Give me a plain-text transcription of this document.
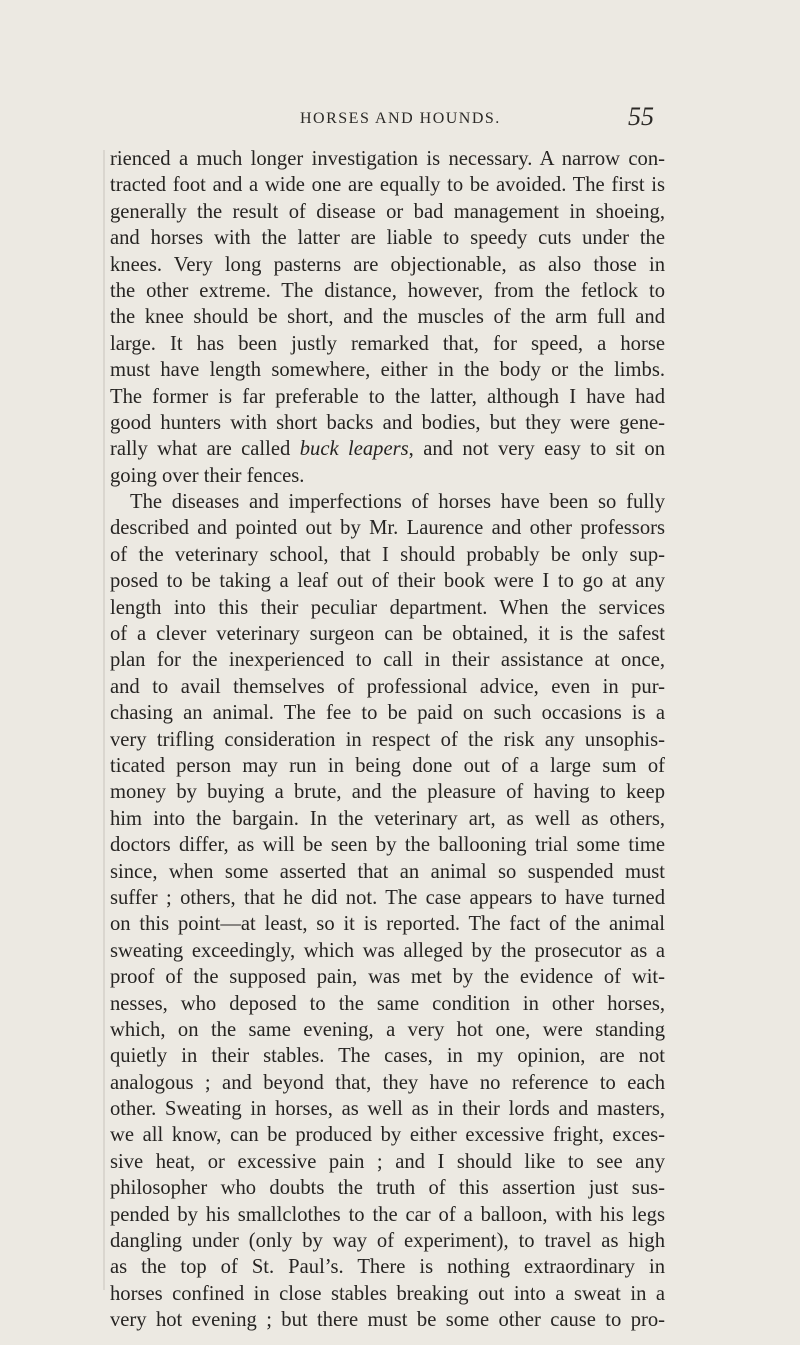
HORSES AND HOUNDS.	55
rienced a much longer investigation is necessary. A narrow con-
tracted foot and a wide one are equally to be avoided. The first is
generally the result of disease or bad management in shoeing,
and horses with the latter are liable to speedy cuts under the
knees. Very long pasterns are objectionable, as also those in
the other extreme. The distance, however, from the fetlock to
the knee should be short, and the muscles of the arm full and
large. It has been justly remarked that, for speed, a horse
must have length somewhere, either in the body or the limbs.
The former is far preferable to the latter, although I have had
good hunters with short backs and bodies, but they were gene-
rally what are called buck leapers, and not very easy to sit on
going over their fences.
The diseases and imperfections of horses have been so fully
described and pointed out by Mr. Laurence and other professors
of the veterinary school, that I should probably be only sup-
posed to be taking a leaf out of their book were I to go at any
length into this their peculiar department. When the services
of a clever veterinary surgeon can be obtained, it is the safest
plan for the inexperienced to call in their assistance at once,
and to avail themselves of professional advice, even in pur-
chasing an animal. The fee to be paid on such occasions is a
very trifling consideration in respect of the risk any unsophis-
ticated person may run in being done out of a large sum of
money by buying a brute, and the pleasure of having to keep
him into the bargain. In the veterinary art, as well as others,
doctors differ, as will be seen by the ballooning trial some time
since, when some asserted that an animal so suspended must
suffer ; others, that he did not. The case appears to have turned
on this point—at least, so it is reported. The fact of the animal
sweating exceedingly, which was alleged by the prosecutor as a
proof of the supposed pain, was met by the evidence of wit-
nesses, who deposed to the same condition in other horses,
which, on the same evening, a very hot one, were standing
quietly in their stables. The cases, in my opinion, are not
analogous ; and beyond that, they have no reference to each
other. Sweating in horses, as well as in their lords and masters,
we all know, can be produced by either excessive fright, exces-
sive heat, or excessive pain ; and I should like to see any
philosopher who doubts the truth of this assertion just sus-
pended by his smallclothes to the car of a balloon, with his legs
dangling under (only by way of experiment), to travel as high
as the top of St. Paul’s. There is nothing extraordinary in
horses confined in close stables breaking out into a sweat in a
very hot evening ; but there must be some other cause to pro-
